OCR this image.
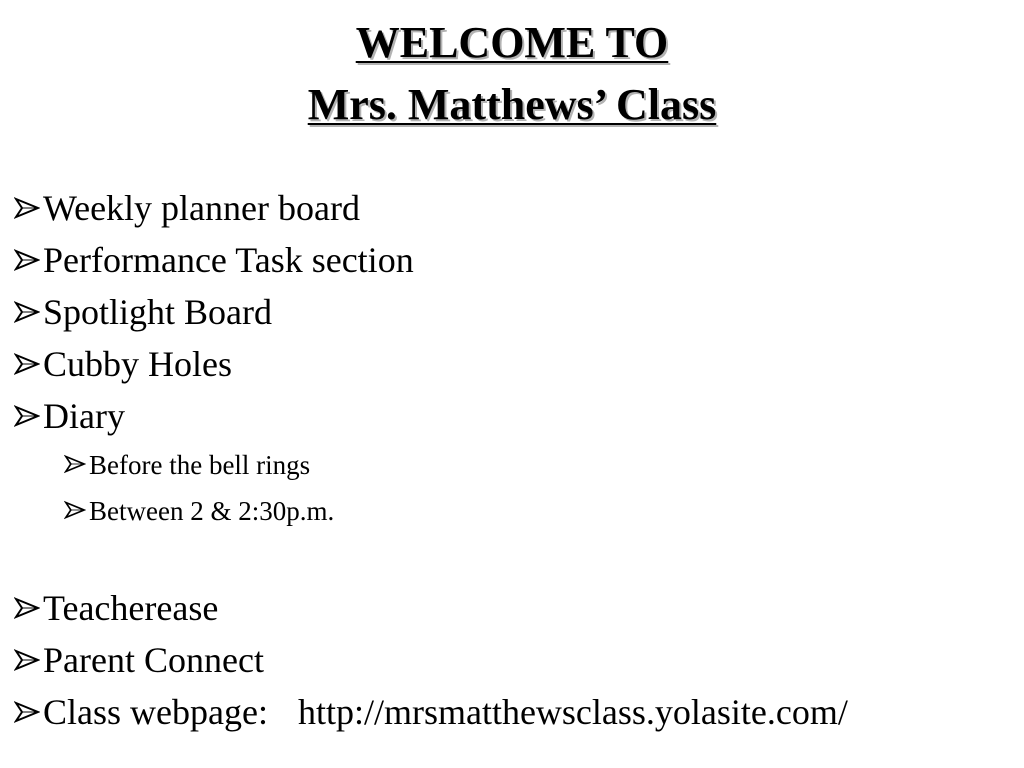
WELCOME TO
Mrs. Matthews’ Class
Weekly planner board
Performance Task section
Spotlight Board
Cubby Holes
Diary
Before the bell rings
Between 2 & 2:30p.m.
Teacherease
Parent Connect
Class webpage: http://mrsmatthewsclass.yolasite.com/
